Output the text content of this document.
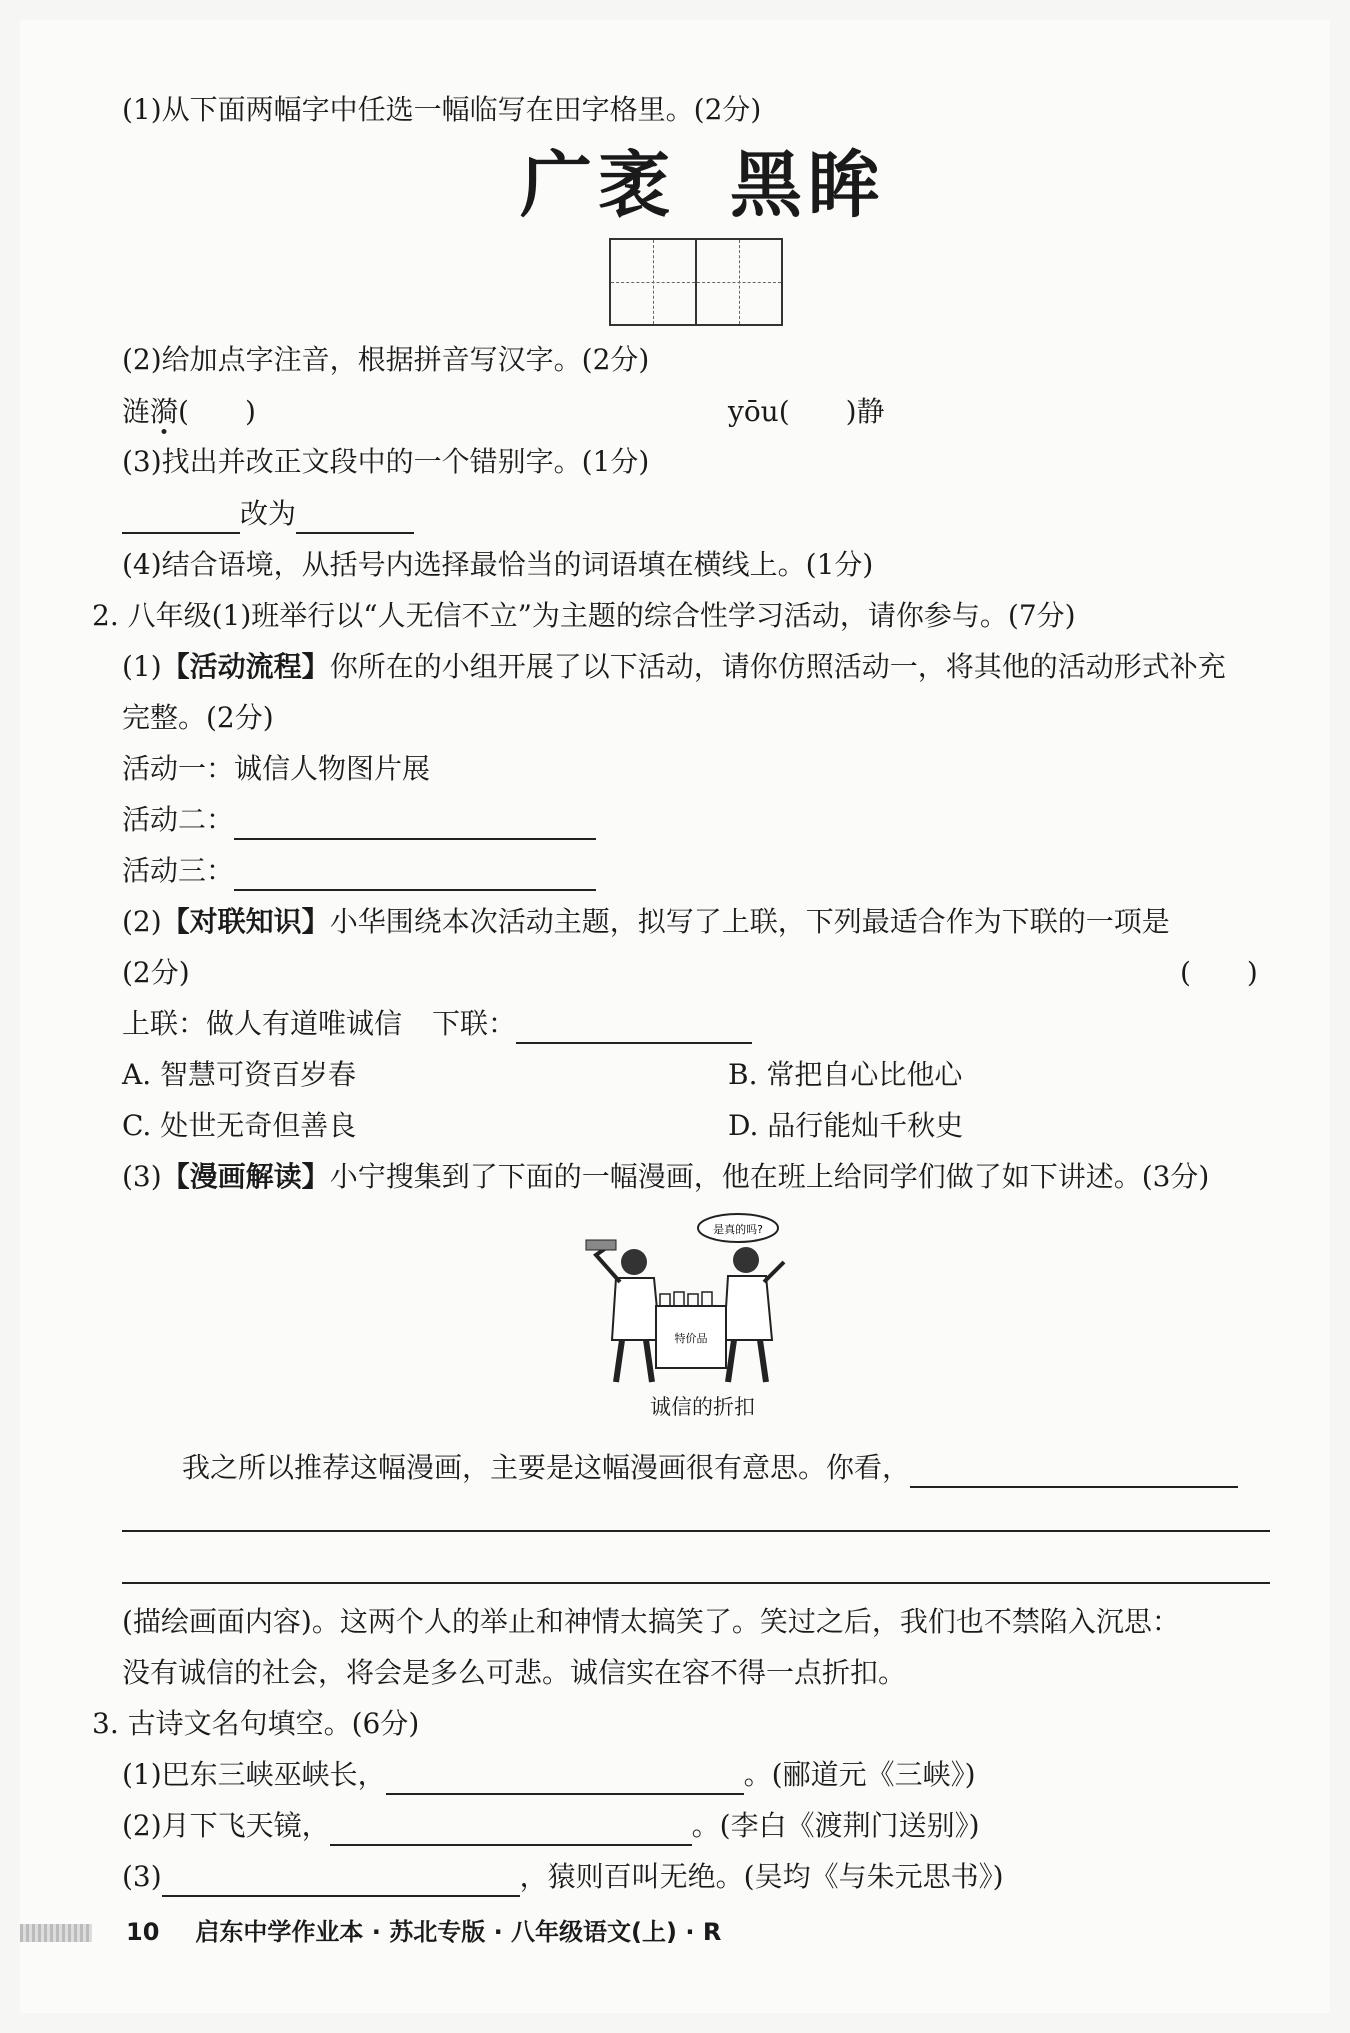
(1)从下面两幅字中任选一幅临写在田字格里。(2分)
广袤 黑眸
(2)给加点字注音，根据拼音写汉字。(2分)
涟漪(　　)	yōu(　　)静
(3)找出并改正文段中的一个错别字。(1分)
改为
(4)结合语境，从括号内选择最恰当的词语填在横线上。(1分)
2. 八年级(1)班举行以“人无信不立”为主题的综合性学习活动，请你参与。(7分)
(1)【活动流程】你所在的小组开展了以下活动，请你仿照活动一，将其他的活动形式补充
完整。(2分)
活动一：诚信人物图片展
活动二：
活动三：
(2)【对联知识】小华围绕本次活动主题，拟写了上联，下列最适合作为下联的一项是
(2分)	(　　)
上联：做人有道唯诚信 下联：
A. 智慧可资百岁春	B. 常把自心比他心
C. 处世无奇但善良	D. 品行能灿千秋史
(3)【漫画解读】小宁搜集到了下面的一幅漫画，他在班上给同学们做了如下讲述。(3分)
是真的吗?
特价品
诚信的折扣
我之所以推荐这幅漫画，主要是这幅漫画很有意思。你看，
(描绘画面内容)。这两个人的举止和神情太搞笑了。笑过之后，我们也不禁陷入沉思：
没有诚信的社会，将会是多么可悲。诚信实在容不得一点折扣。
3. 古诗文名句填空。(6分)
(1)巴东三峡巫峡长，	。(郦道元《三峡》)
(2)月下飞天镜，	。(李白《渡荆门送别》)
(3)	，猿则百叫无绝。(吴均《与朱元思书》)
10 启东中学作业本 · 苏北专版 · 八年级语文(上) · R
